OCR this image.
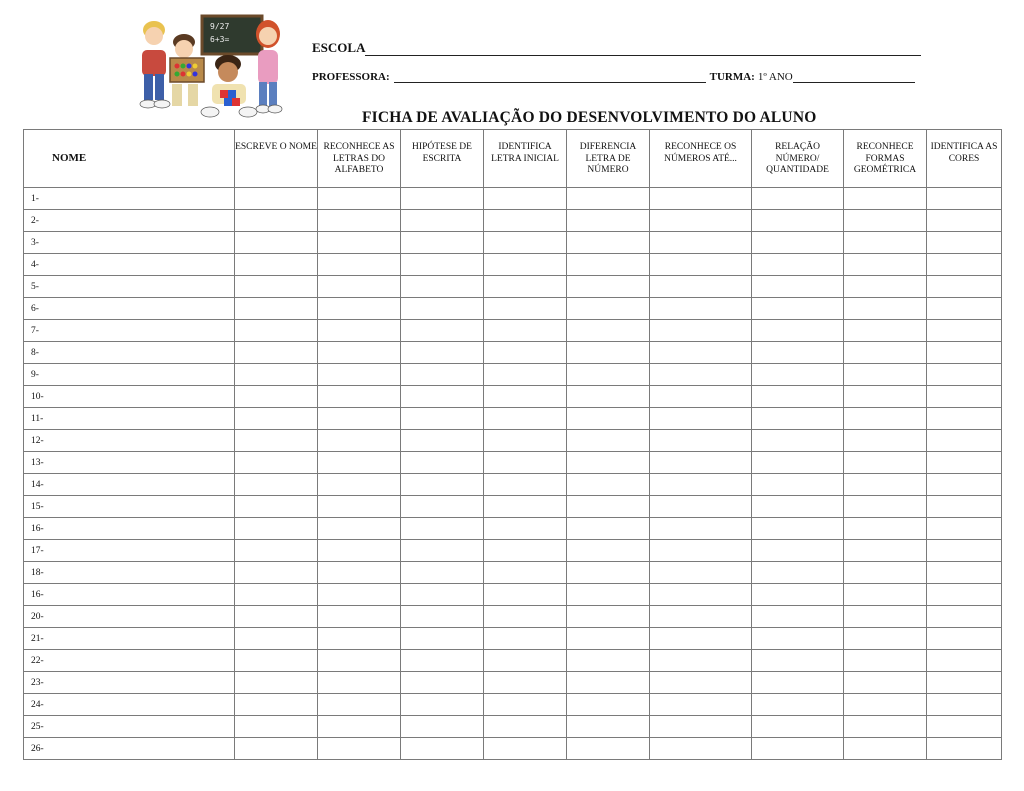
9/27
6+3=
ESCOLA
PROFESSORA:	TURMA: 1º ANO
FICHA DE AVALIAÇÃO DO DESENVOLVIMENTO DO ALUNO
NOME	ESCREVE O NOME	RECONHECE AS LETRAS DO ALFABETO	HIPÓTESE DE ESCRITA	IDENTIFICA LETRA INICIAL	DIFERENCIA LETRA DE NÚMERO	RECONHECE OS NÚMEROS ATÉ...	RELAÇÃO NÚMERO/ QUANTIDADE	RECONHECE FORMAS GEOMÉTRICA	IDENTIFICA AS CORES
1-									
2-									
3-									
4-									
5-									
6-									
7-									
8-									
9-									
10-									
11-									
12-									
13-									
14-									
15-									
16-									
17-									
18-									
16-									
20-									
21-									
22-									
23-									
24-									
25-									
26-									
